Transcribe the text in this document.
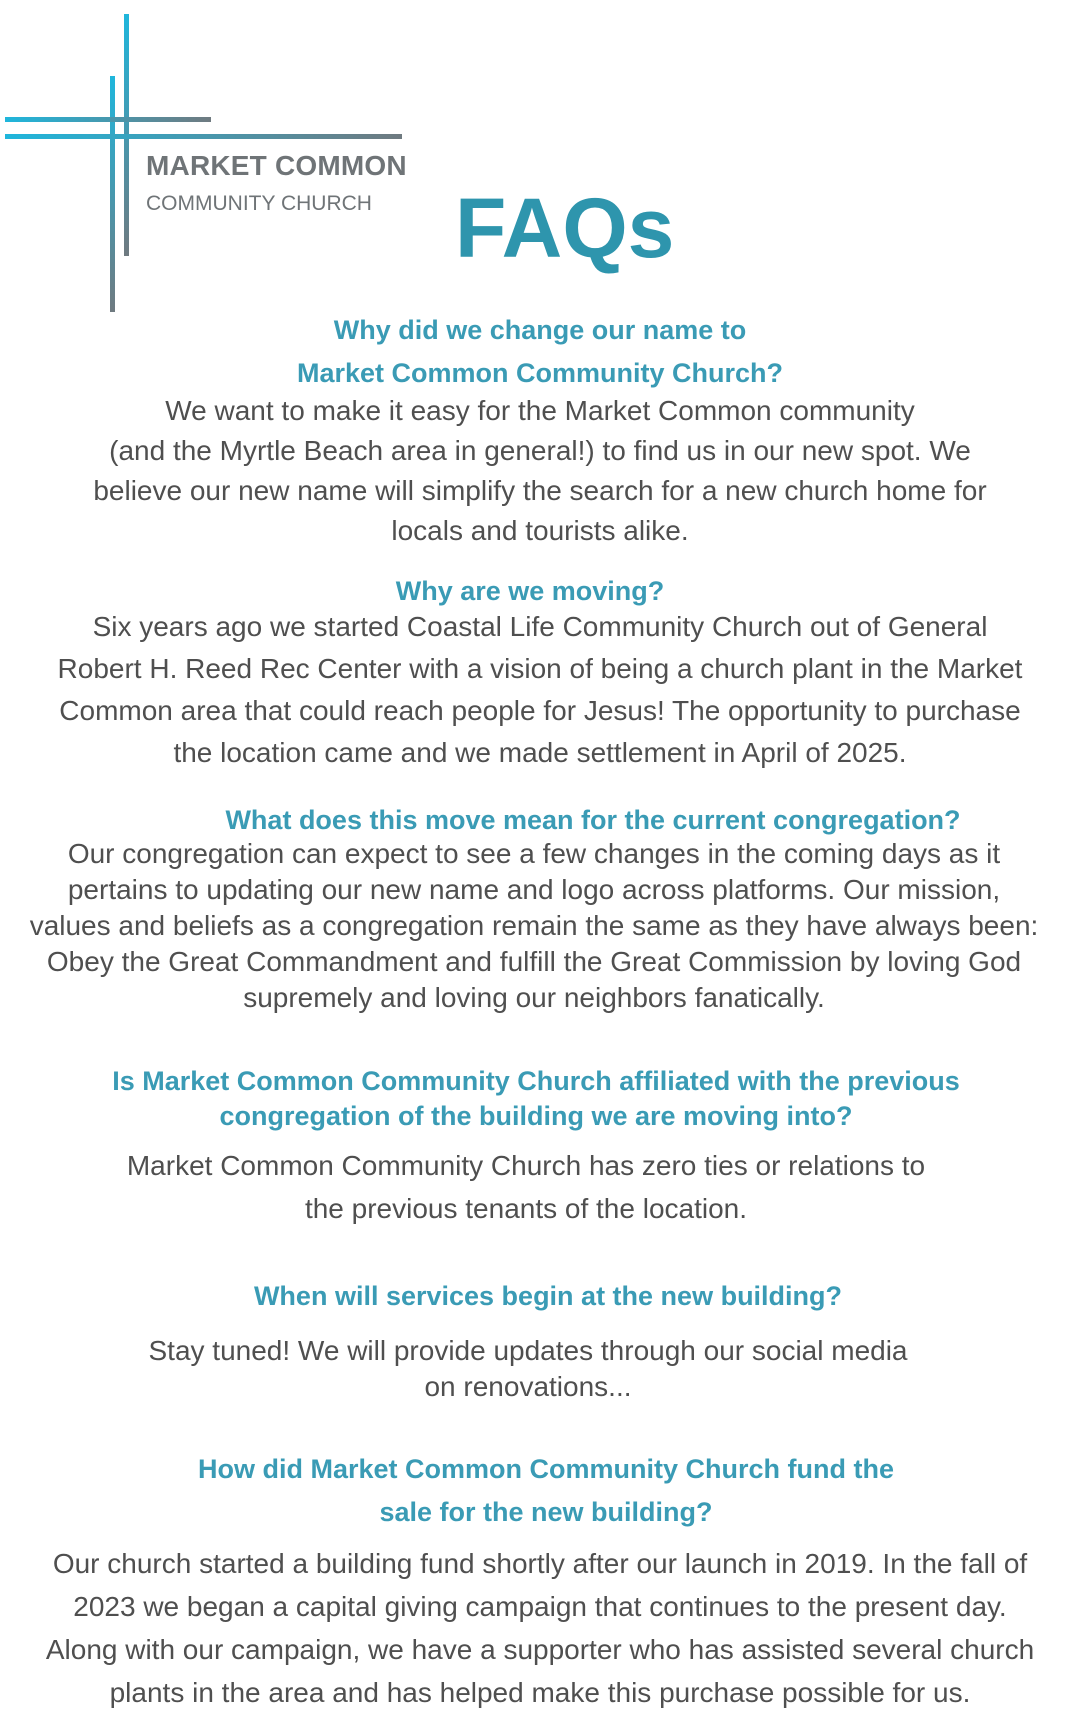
MARKET COMMON
COMMUNITY CHURCH FAQs
Why did we change our name to
Market Common Community Church?
We want to make it easy for the Market Common community
(and the Myrtle Beach area in general!) to find us in our new spot. We
believe our new name will simplify the search for a new church home for
locals and tourists alike.
Why are we moving?
Six years ago we started Coastal Life Community Church out of General
Robert H. Reed Rec Center with a vision of being a church plant in the Market
Common area that could reach people for Jesus! The opportunity to purchase
the location came and we made settlement in April of 2025.
What does this move mean for the current congregation?
Our congregation can expect to see a few changes in the coming days as it
pertains to updating our new name and logo across platforms. Our mission,
values and beliefs as a congregation remain the same as they have always been:
Obey the Great Commandment and fulfill the Great Commission by loving God
supremely and loving our neighbors fanatically.
Is Market Common Community Church affiliated with the previous
congregation of the building we are moving into?
Market Common Community Church has zero ties or relations to
the previous tenants of the location.
When will services begin at the new building?
Stay tuned! We will provide updates through our social media
on renovations...
How did Market Common Community Church fund the
sale for the new building?
Our church started a building fund shortly after our launch in 2019. In the fall of
2023 we began a capital giving campaign that continues to the present day.
Along with our campaign, we have a supporter who has assisted several church
plants in the area and has helped make this purchase possible for us.
